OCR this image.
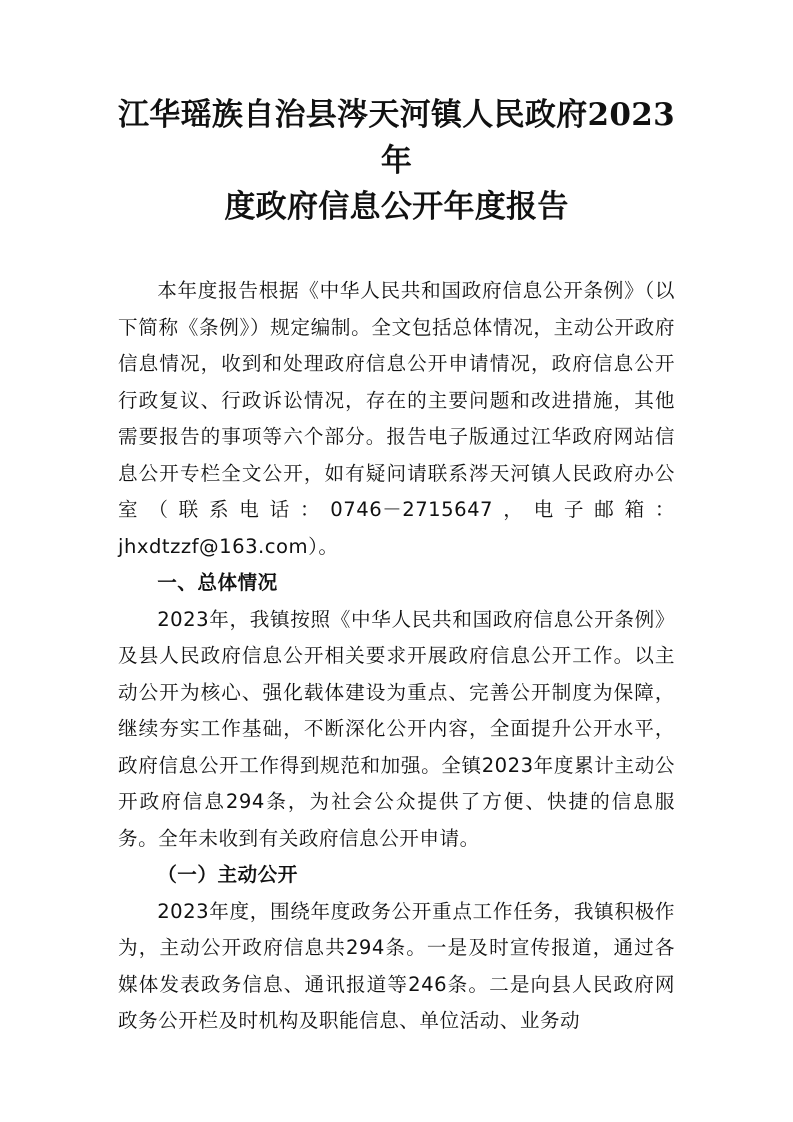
江华瑶族自治县涔天河镇人民政府2023年
度政府信息公开年度报告

本年度报告根据《中华人民共和国政府信息公开条例》（以下简称《条例》）规定编制。全文包括总体情况，主动公开政府信息情况，收到和处理政府信息公开申请情况，政府信息公开行政复议、行政诉讼情况，存在的主要问题和改进措施，其他需要报告的事项等六个部分。报告电子版通过江华政府网站信息公开专栏全文公开，如有疑问请联系涔天河镇人民政府办公室（联系电话：0746－2715647，电子邮箱：jhxdtzzf@163.com）。

一、总体情况

2023年，我镇按照《中华人民共和国政府信息公开条例》及县人民政府信息公开相关要求开展政府信息公开工作。以主动公开为核心、强化载体建设为重点、完善公开制度为保障，继续夯实工作基础，不断深化公开内容，全面提升公开水平，政府信息公开工作得到规范和加强。全镇2023年度累计主动公开政府信息294条，为社会公众提供了方便、快捷的信息服务。全年未收到有关政府信息公开申请。

（一）主动公开

2023年度，围绕年度政务公开重点工作任务，我镇积极作为，主动公开政府信息共294条。一是及时宣传报道，通过各媒体发表政务信息、通讯报道等246条。二是向县人民政府网政务公开栏及时机构及职能信息、单位活动、业务动
